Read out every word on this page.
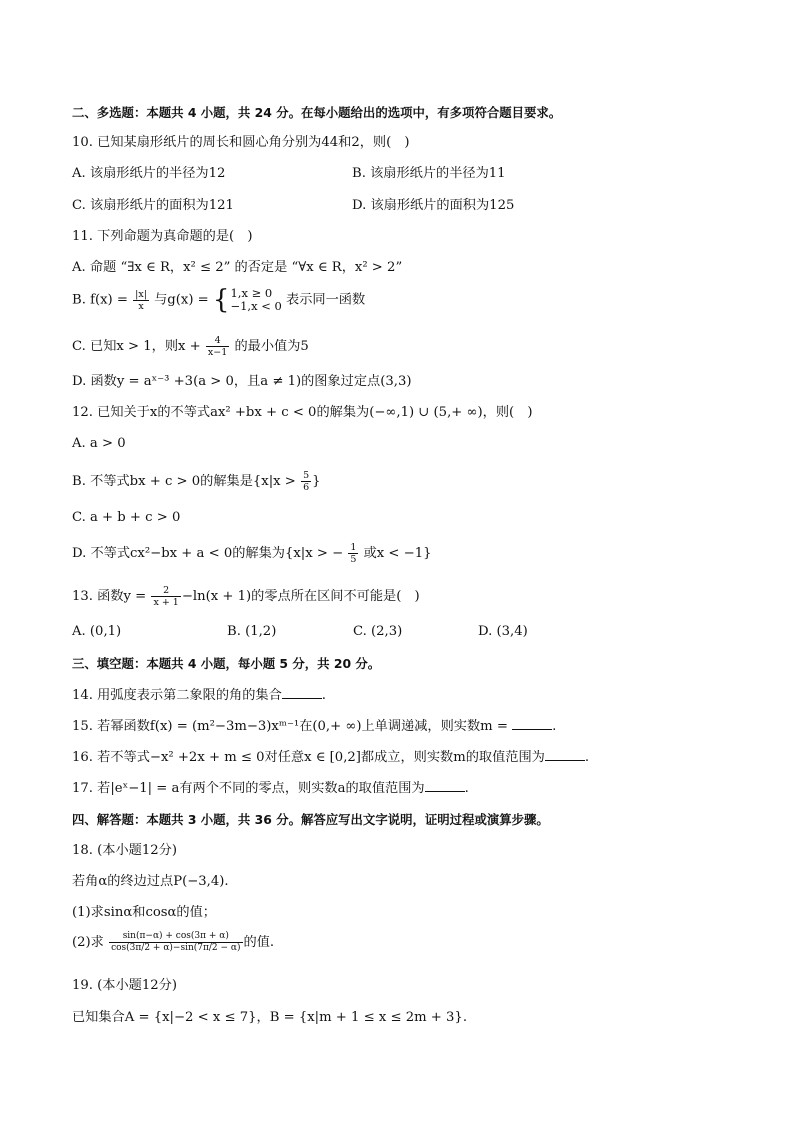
二、多选题：本题共 4 小题，共 24 分。在每小题给出的选项中，有多项符合题目要求。
10. 已知某扇形纸片的周长和圆心角分别为44和2，则(　)
A. 该扇形纸片的半径为12	B. 该扇形纸片的半径为11
C. 该扇形纸片的面积为121	D. 该扇形纸片的面积为125
11. 下列命题为真命题的是(　)
A. 命题 “∃x ∈ R，x² ≤ 2” 的否定是 “∀x ∈ R，x² > 2”
B. $f(x) = \frac{|x|}{x}$ 与g(x) = { 1,x ≥ 0
−1,x < 0 表示同一函数
C. 已知x > 1，则$x + \frac{4}{x-1}$ 的最小值为5
D. 函数y = aˣ⁻³ +3(a > 0，且a ≠ 1)的图象过定点(3,3)
12. 已知关于x的不等式ax² +bx + c < 0的解集为(−∞,1) ∪ (5,+ ∞)，则(　)
A. a > 0
B. 不等式bx + c > 0的解集是{$x|x > \frac{5}{6}$ }
C. a + b + c > 0
D. 不等式cx²−bx + a < 0的解集为{x|x > − $\frac{1}{5}$ 或x < −1}
13. 函数$y = \frac{2}{x + 1} -\ln(x + 1)$的零点所在区间不可能是(　)
A. (0,1)	B. (1,2)	C. (2,3)	D. (3,4)
三、填空题：本题共 4 小题，每小题 5 分，共 20 分。
14. 用弧度表示第二象限的角的集合	.
15. 若幂函数f(x) = (m²−3m−3)xᵐ⁻¹在(0,+ ∞)上单调递减，则实数m =	.
16. 若不等式−x² +2x + m ≤ 0对任意x ∈ [0,2]都成立，则实数m的取值范围为	.
17. 若|eˣ−1| = a有两个不同的零点，则实数a的取值范围为	.
四、解答题：本题共 3 小题，共 36 分。解答应写出文字说明，证明过程或演算步骤。
18. (本小题12分)
若角α的终边过点P(−3,4).
(1)求sinα和cosα的值；
(2)求 $\frac{\sin(\pi-\alpha) + \cos(3\pi + \alpha)}{\cos(3\pi/2 + \alpha)-\sin(7\pi/2 - \alpha)}$ 的值.
19. (本小题12分)
已知集合A = {x|−2 < x ≤ 7}，B = {x|m + 1 ≤ x ≤ 2m + 3}.
